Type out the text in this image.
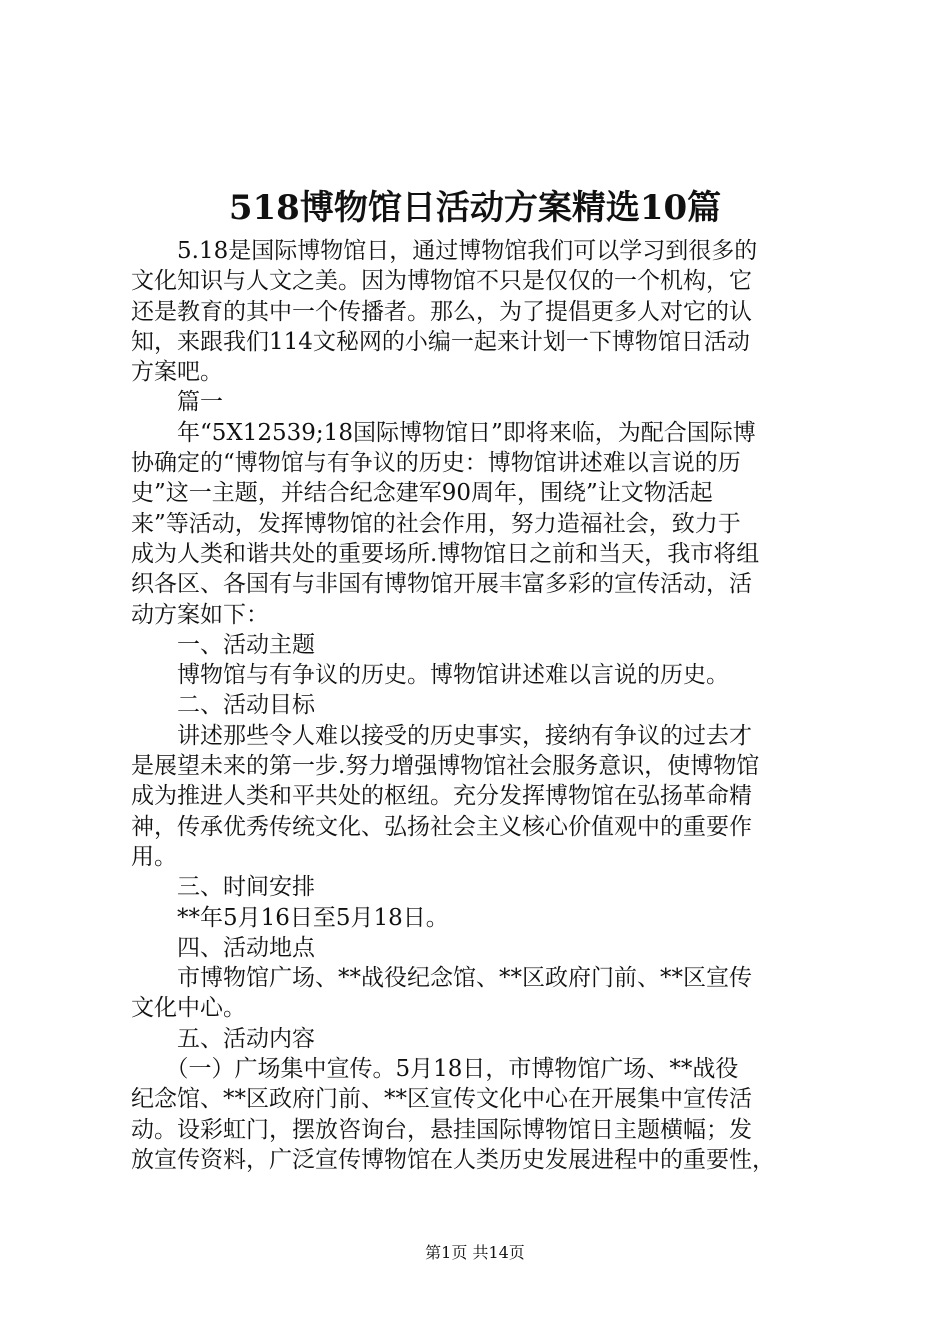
518博物馆日活动方案精选10篇
　　5.18是国际博物馆日，通过博物馆我们可以学习到很多的
文化知识与人文之美。因为博物馆不只是仅仅的一个机构，它
还是教育的其中一个传播者。那么，为了提倡更多人对它的认
知，来跟我们114文秘网的小编一起来计划一下博物馆日活动
方案吧。
　　篇一
　　年“5X12539;18国际博物馆日”即将来临，为配合国际博
协确定的“博物馆与有争议的历史：博物馆讲述难以言说的历
史”这一主题，并结合纪念建军90周年，围绕”让文物活起
来”等活动，发挥博物馆的社会作用，努力造福社会，致力于
成为人类和谐共处的重要场所.博物馆日之前和当天，我市将组
织各区、各国有与非国有博物馆开展丰富多彩的宣传活动，活
动方案如下：
　　一、活动主题
　　博物馆与有争议的历史。博物馆讲述难以言说的历史。
　　二、活动目标
　　讲述那些令人难以接受的历史事实，接纳有争议的过去才
是展望未来的第一步.努力增强博物馆社会服务意识，使博物馆
成为推进人类和平共处的枢纽。充分发挥博物馆在弘扬革命精
神，传承优秀传统文化、弘扬社会主义核心价值观中的重要作
用。
　　三、时间安排
　　**年5月16日至5月18日。
　　四、活动地点
　　市博物馆广场、**战役纪念馆、**区政府门前、**区宣传
文化中心。
　　五、活动内容
　　（一）广场集中宣传。5月18日，市博物馆广场、**战役
纪念馆、**区政府门前、**区宣传文化中心在开展集中宣传活
动。设彩虹门，摆放咨询台，悬挂国际博物馆日主题横幅；发
放宣传资料，广泛宣传博物馆在人类历史发展进程中的重要性，
第1页 共14页
